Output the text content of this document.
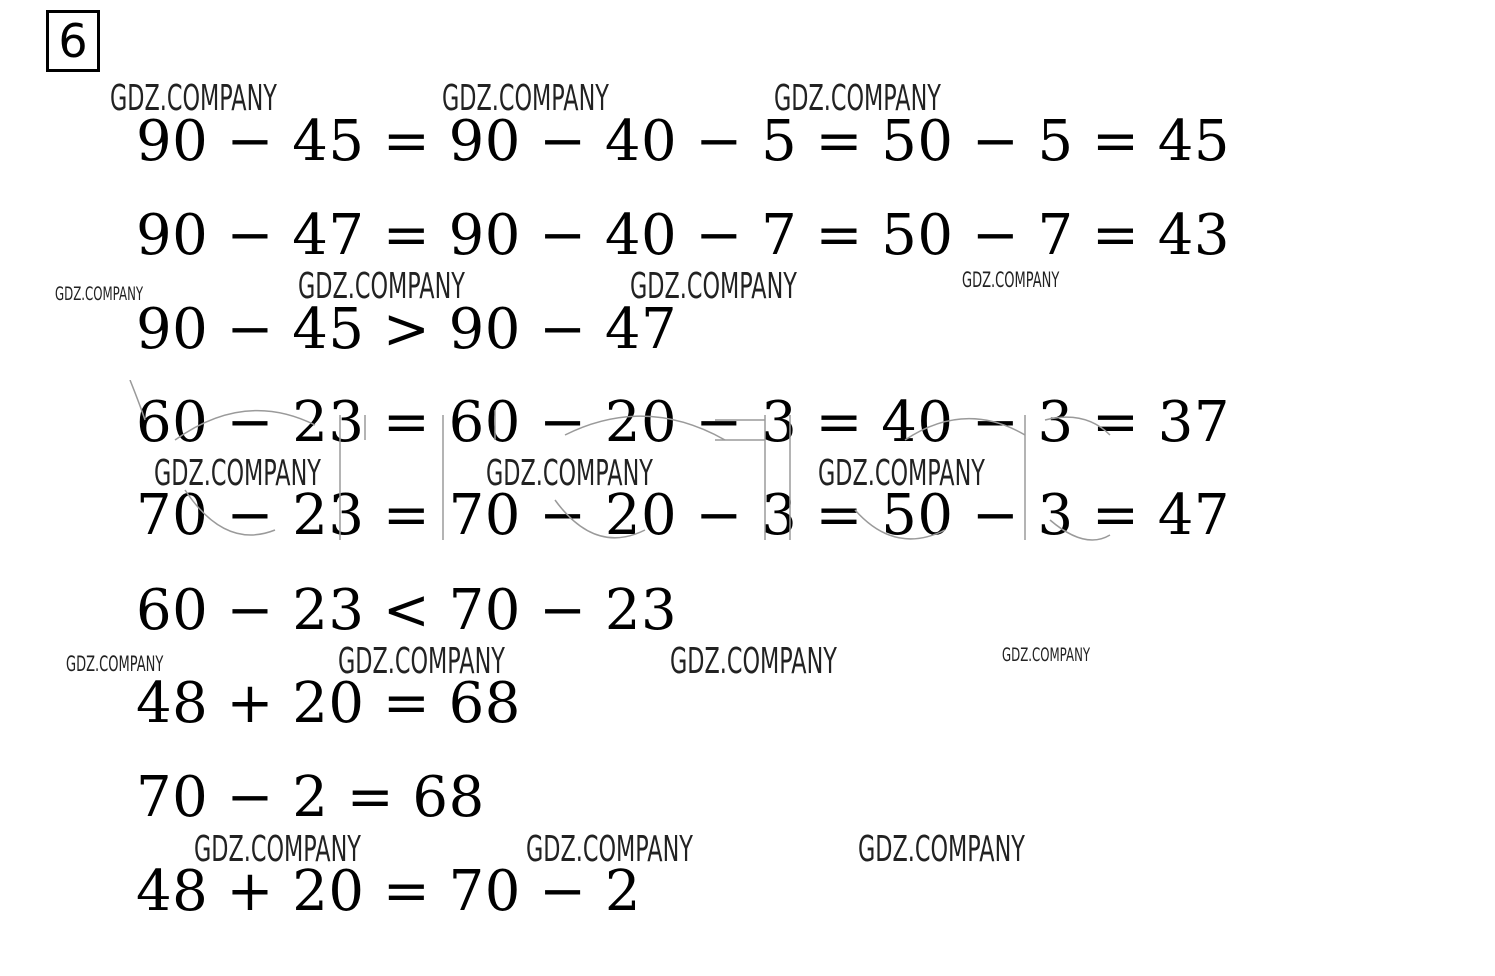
6
GDZ.COMPANY	GDZ.COMPANY	GDZ.COMPANY
GDZ.COMPANY	GDZ.COMPANY	GDZ.COMPANY	GDZ.COMPANY
GDZ.COMPANY	GDZ.COMPANY	GDZ.COMPANY
GDZ.COMPANY	GDZ.COMPANY	GDZ.COMPANY	GDZ.COMPANY
GDZ.COMPANY	GDZ.COMPANY	GDZ.COMPANY
90 − 45 = 90 − 40 − 5 = 50 − 5 = 45
90 − 47 = 90 − 40 − 7 = 50 − 7 = 43
90 − 45 > 90 − 47
60 − 23 = 60 − 20 − 3 = 40 − 3 = 37
70 − 23 = 70 − 20 − 3 = 50 − 3 = 47
60 − 23 < 70 − 23
48 + 20 = 68
70 − 2 = 68
48 + 20 = 70 − 2
